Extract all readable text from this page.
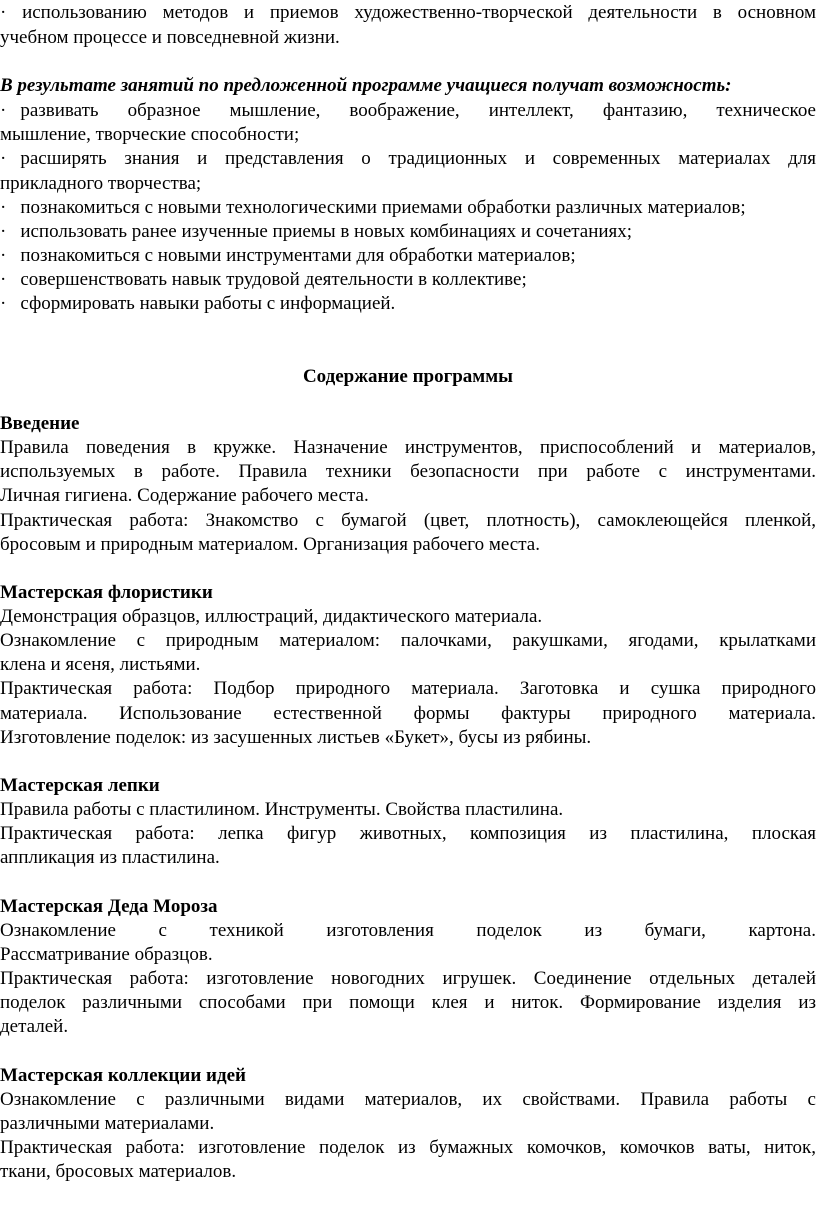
· использованию методов и приемов художественно-творческой деятельности в основном
учебном процессе и повседневной жизни.
В результате занятий по предложенной программе учащиеся получат возможность:
· развивать образное мышление, воображение, интеллект, фантазию, техническое
мышление, творческие способности;
· расширять знания и представления о традиционных и современных материалах для
прикладного творчества;
· познакомиться с новыми технологическими приемами обработки различных материалов;
· использовать ранее изученные приемы в новых комбинациях и сочетаниях;
· познакомиться с новыми инструментами для обработки материалов;
· совершенствовать навык трудовой деятельности в коллективе;
· сформировать навыки работы с информацией.
Содержание программы
Введение
Правила поведения в кружке. Назначение инструментов, приспособлений и материалов,
используемых в работе. Правила техники безопасности при работе с инструментами.
Личная гигиена. Содержание рабочего места.
Практическая работа: Знакомство с бумагой (цвет, плотность), самоклеющейся пленкой,
бросовым и природным материалом. Организация рабочего места.
Мастерская флористики
Демонстрация образцов, иллюстраций, дидактического материала.
Ознакомление с природным материалом: палочками, ракушками, ягодами, крылатками
клена и ясеня, листьями.
Практическая работа: Подбор природного материала. Заготовка и сушка природного
материала. Использование естественной формы фактуры природного материала.
Изготовление поделок: из засушенных листьев «Букет», бусы из рябины.
Мастерская лепки
Правила работы с пластилином. Инструменты. Свойства пластилина.
Практическая работа: лепка фигур животных, композиция из пластилина, плоская
аппликация из пластилина.
Мастерская Деда Мороза
Ознакомление с техникой изготовления поделок из бумаги, картона.
Рассматривание образцов.
Практическая работа: изготовление новогодних игрушек. Соединение отдельных деталей
поделок различными способами при помощи клея и ниток. Формирование изделия из
деталей.
Мастерская коллекции идей
Ознакомление с различными видами материалов, их свойствами. Правила работы с
различными материалами.
Практическая работа: изготовление поделок из бумажных комочков, комочков ваты, ниток,
ткани, бросовых материалов.
